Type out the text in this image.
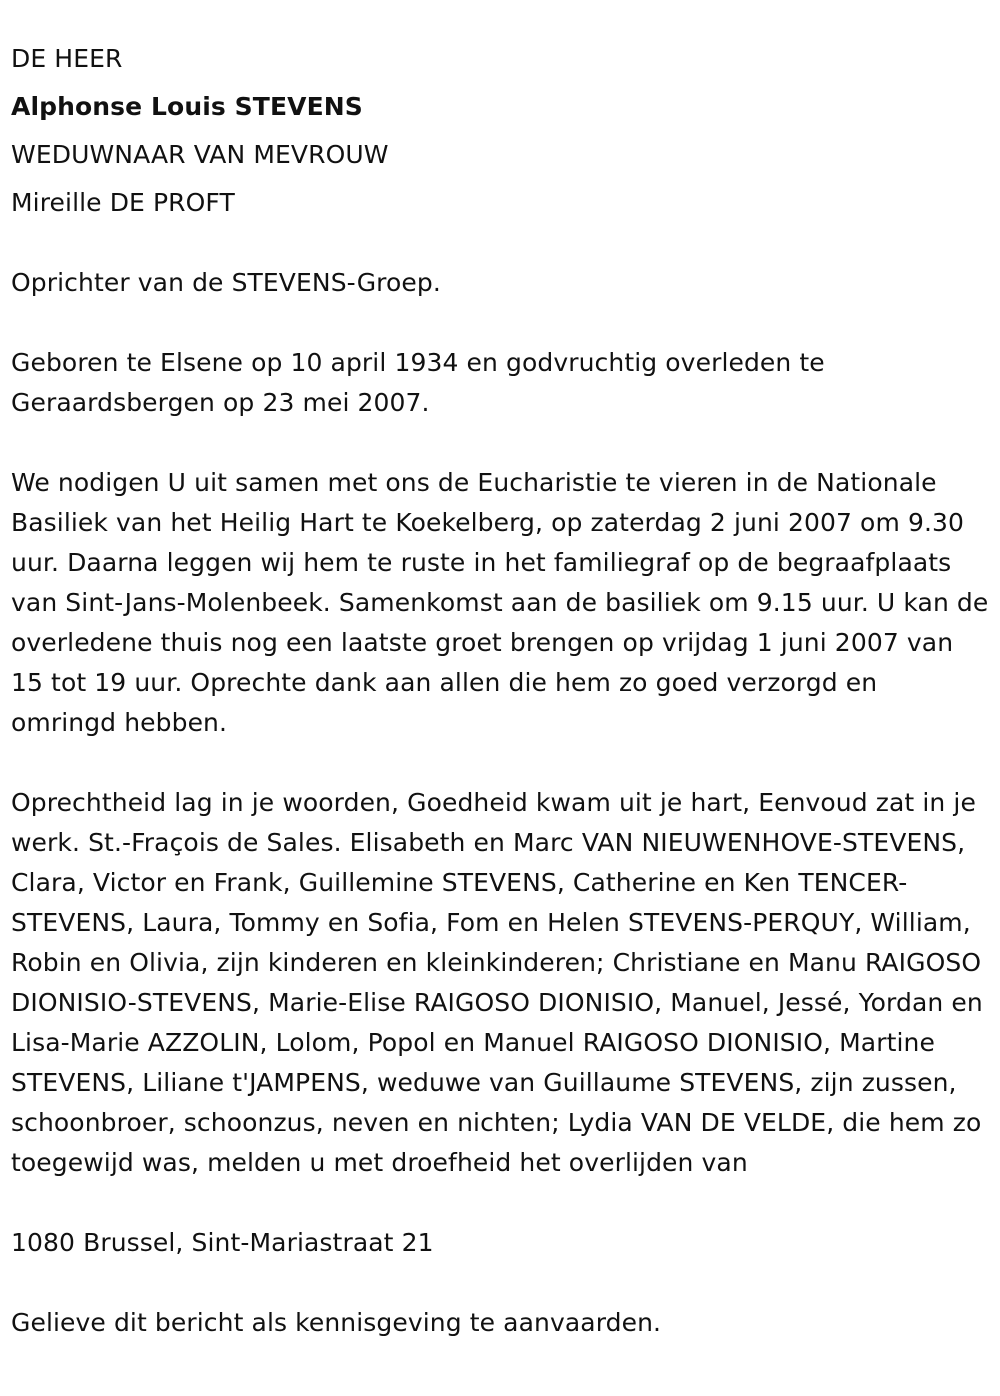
DE HEER

Alphonse Louis STEVENS

WEDUWNAAR VAN MEVROUW

Mireille DE PROFT

Oprichter van de STEVENS-Groep.

Geboren te Elsene op 10 april 1934 en godvruchtig overleden te Geraardsbergen op 23 mei 2007.

We nodigen U uit samen met ons de Eucharistie te vieren in de Nationale Basiliek van het Heilig Hart te Koekelberg, op zaterdag 2 juni 2007 om 9.30 uur. Daarna leggen wij hem te ruste in het familiegraf op de begraafplaats van Sint-Jans-Molenbeek. Samenkomst aan de basiliek om 9.15 uur. U kan de overledene thuis nog een laatste groet brengen op vrijdag 1 juni 2007 van 15 tot 19 uur. Oprechte dank aan allen die hem zo goed verzorgd en omringd hebben.

Oprechtheid lag in je woorden, Goedheid kwam uit je hart, Eenvoud zat in je werk. St.-Fraçois de Sales. Elisabeth en Marc VAN NIEUWENHOVE-STEVENS, Clara, Victor en Frank, Guillemine STEVENS, Catherine en Ken TENCER-STEVENS, Laura, Tommy en Sofia, Fom en Helen STEVENS-PERQUY, William, Robin en Olivia, zijn kinderen en kleinkinderen; Christiane en Manu RAIGOSO DIONISIO-STEVENS, Marie-Elise RAIGOSO DIONISIO, Manuel, Jessé, Yordan en Lisa-Marie AZZOLIN, Lolom, Popol en Manuel RAIGOSO DIONISIO, Martine STEVENS, Liliane t'JAMPENS, weduwe van Guillaume STEVENS, zijn zussen, schoonbroer, schoonzus, neven en nichten; Lydia VAN DE VELDE, die hem zo toegewijd was, melden u met droefheid het overlijden van

1080 Brussel, Sint-Mariastraat 21

Gelieve dit bericht als kennisgeving te aanvaarden.
